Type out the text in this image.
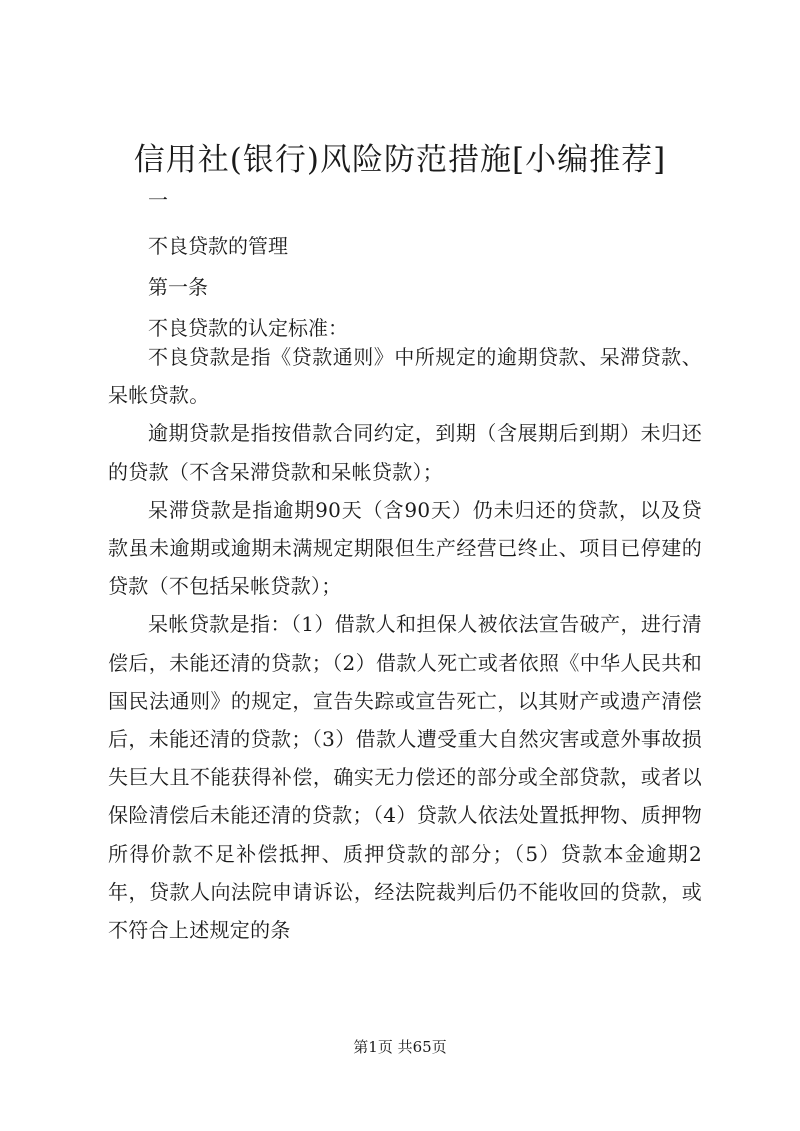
信用社(银行)风险防范措施[小编推荐]
一
不良贷款的管理
第一条
不良贷款的认定标准：

不良贷款是指《贷款通则》中所规定的逾期贷款、呆滞贷款、呆帐贷款。

逾期贷款是指按借款合同约定，到期（含展期后到期）未归还的贷款（不含呆滞贷款和呆帐贷款）；

呆滞贷款是指逾期90天（含90天）仍未归还的贷款，以及贷款虽未逾期或逾期未满规定期限但生产经营已终止、项目已停建的贷款（不包括呆帐贷款）；

呆帐贷款是指：（1）借款人和担保人被依法宣告破产，进行清偿后，未能还清的贷款；（2）借款人死亡或者依照《中华人民共和国民法通则》的规定，宣告失踪或宣告死亡，以其财产或遗产清偿后，未能还清的贷款；（3）借款人遭受重大自然灾害或意外事故损失巨大且不能获得补偿，确实无力偿还的部分或全部贷款，或者以保险清偿后未能还清的贷款；（4）贷款人依法处置抵押物、质押物所得价款不足补偿抵押、质押贷款的部分；（5）贷款本金逾期2年，贷款人向法院申请诉讼，经法院裁判后仍不能收回的贷款，或不符合上述规定的条

第1页 共65页
